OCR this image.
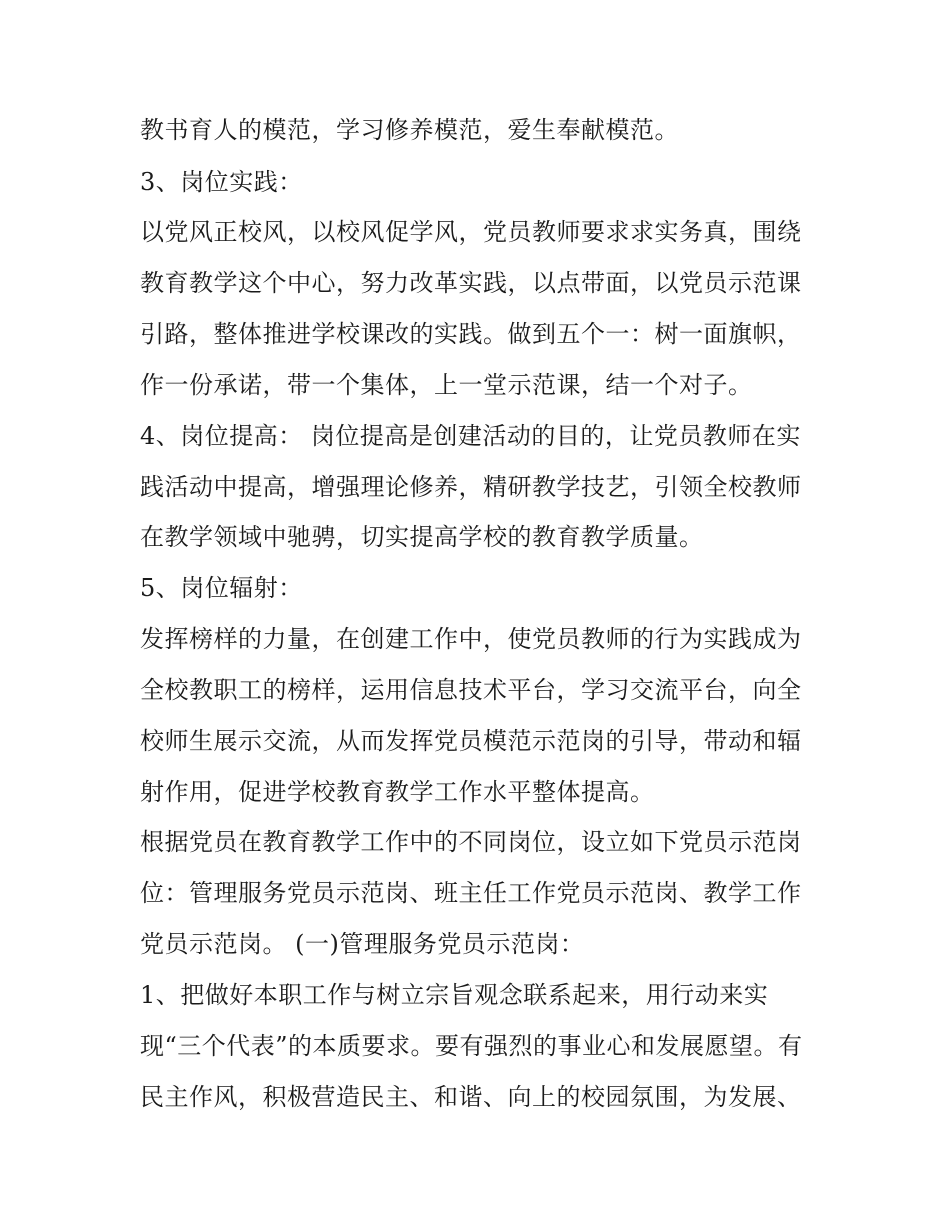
教书育人的模范，学习修养模范，爱生奉献模范。
3、岗位实践：
以党风正校风，以校风促学风，党员教师要求求实务真，围绕
教育教学这个中心，努力改革实践，以点带面，以党员示范课
引路，整体推进学校课改的实践。做到五个一：树一面旗帜，
作一份承诺，带一个集体，上一堂示范课，结一个对子。
4、岗位提高： 岗位提高是创建活动的目的，让党员教师在实
践活动中提高，增强理论修养，精研教学技艺，引领全校教师
在教学领域中驰骋，切实提高学校的教育教学质量。
5、岗位辐射：
发挥榜样的力量，在创建工作中，使党员教师的行为实践成为
全校教职工的榜样，运用信息技术平台，学习交流平台，向全
校师生展示交流，从而发挥党员模范示范岗的引导，带动和辐
射作用，促进学校教育教学工作水平整体提高。
根据党员在教育教学工作中的不同岗位，设立如下党员示范岗
位：管理服务党员示范岗、班主任工作党员示范岗、教学工作
党员示范岗。 (一)管理服务党员示范岗：
1、把做好本职工作与树立宗旨观念联系起来，用行动来实
现“三个代表”的本质要求。要有强烈的事业心和发展愿望。有
民主作风，积极营造民主、和谐、向上的校园氛围，为发展、
